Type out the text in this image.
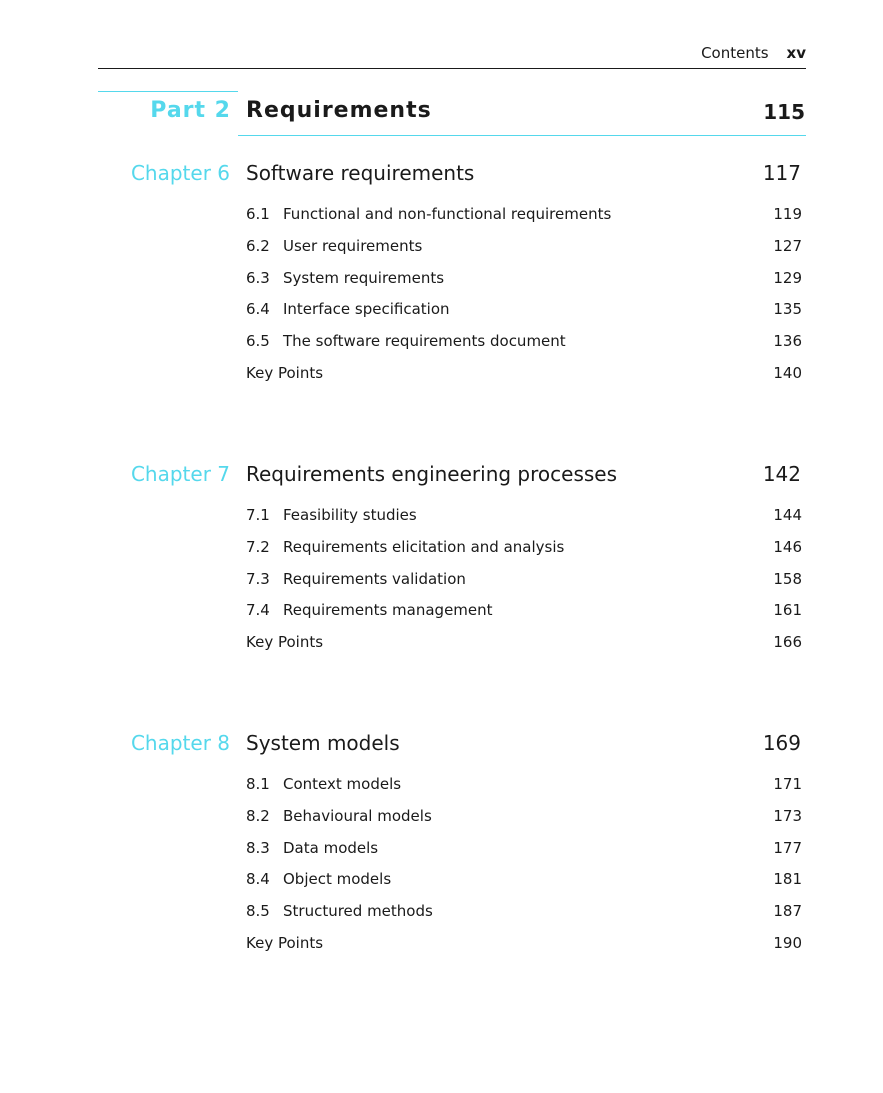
Contents xv
Part 2 Requirements	115
Chapter 6 Software requirements	117
6.1 Functional and non-functional requirements	119
6.2 User requirements	127
6.3 System requirements	129
6.4 Interface specification	135
6.5 The software requirements document	136
Key Points	140
Chapter 7 Requirements engineering processes	142
7.1 Feasibility studies	144
7.2 Requirements elicitation and analysis	146
7.3 Requirements validation	158
7.4 Requirements management	161
Key Points	166
Chapter 8 System models	169
8.1 Context models	171
8.2 Behavioural models	173
8.3 Data models	177
8.4 Object models	181
8.5 Structured methods	187
Key Points	190
